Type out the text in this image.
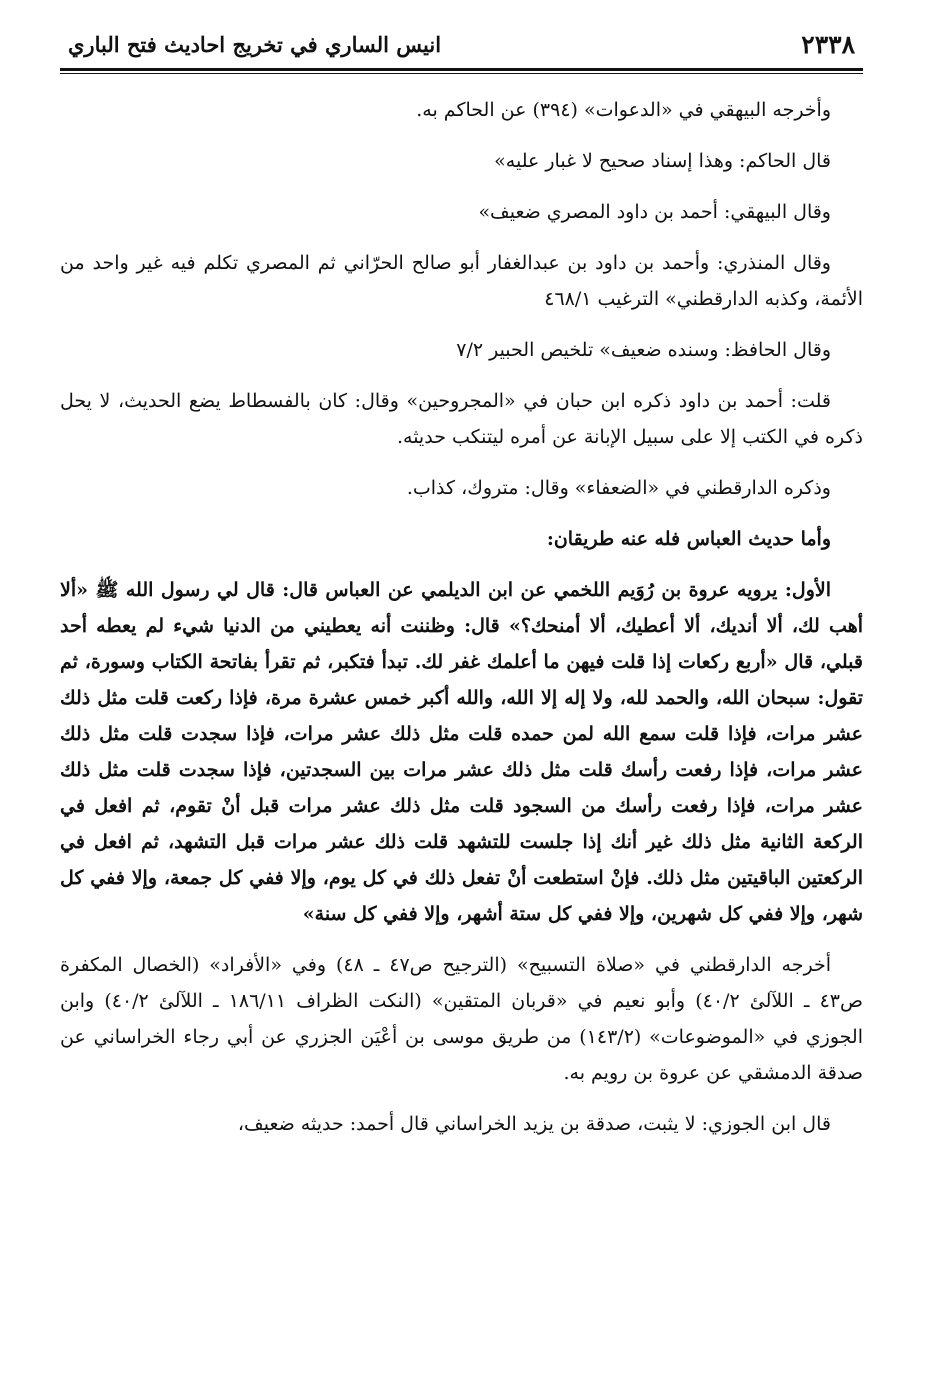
٢٣٣٨
انيس الساري في تخريج احاديث فتح الباري

وأخرجه البيهقي في «الدعوات» (٣٩٤) عن الحاكم به.

قال الحاكم: وهذا إسناد صحيح لا غبار عليه»

وقال البيهقي: أحمد بن داود المصري ضعيف»

وقال المنذري: وأحمد بن داود بن عبدالغفار أبو صالح الحرّاني ثم المصري تكلم فيه غير واحد من الأئمة، وكذبه الدارقطني» الترغيب ٤٦٨/١

وقال الحافظ: وسنده ضعيف» تلخيص الحبير ٧/٢

قلت: أحمد بن داود ذكره ابن حبان في «المجروحين» وقال: كان بالفسطاط يضع الحديث، لا يحل ذكره في الكتب إلا على سبيل الإبانة عن أمره ليتنكب حديثه.

وذكره الدارقطني في «الضعفاء» وقال: متروك، كذاب.

وأما حديث العباس فله عنه طريقان:

الأول: يرويه عروة بن رُوَيم اللخمي عن ابن الديلمي عن العباس قال: قال لي رسول الله ﷺ «ألا أهب لك، ألا أنديك، ألا أعطيك، ألا أمنحك؟» قال: وظننت أنه يعطيني من الدنيا شيء لم يعطه أحد قبلي، قال «أربع ركعات إذا قلت فيهن ما أعلمك غفر لك. تبدأ فتكبر، ثم تقرأ بفاتحة الكتاب وسورة، ثم تقول: سبحان الله، والحمد لله، ولا إله إلا الله، والله أكبر خمس عشرة مرة، فإذا ركعت قلت مثل ذلك عشر مرات، فإذا قلت سمع الله لمن حمده قلت مثل ذلك عشر مرات، فإذا سجدت قلت مثل ذلك عشر مرات، فإذا رفعت رأسك قلت مثل ذلك عشر مرات بين السجدتين، فإذا سجدت قلت مثل ذلك عشر مرات، فإذا رفعت رأسك من السجود قلت مثل ذلك عشر مرات قبل أنْ تقوم، ثم افعل في الركعة الثانية مثل ذلك غير أنك إذا جلست للتشهد قلت ذلك عشر مرات قبل التشهد، ثم افعل في الركعتين الباقيتين مثل ذلك. فإنْ استطعت أنْ تفعل ذلك في كل يوم، وإلا ففي كل جمعة، وإلا ففي كل شهر، وإلا ففي كل شهرين، وإلا ففي كل ستة أشهر، وإلا ففي كل سنة»

أخرجه الدارقطني في «صلاة التسبيح» (الترجيح ص٤٧ ـ ٤٨) وفي «الأفراد» (الخصال المكفرة ص٤٣ ـ اللآلئ ٤٠/٢) وأبو نعيم في «قربان المتقين» (النكت الظراف ١٨٦/١١ ـ اللآلئ ٤٠/٢) وابن الجوزي في «الموضوعات» (١٤٣/٢) من طريق موسى بن أعْيَن الجزري عن أبي رجاء الخراساني عن صدقة الدمشقي عن عروة بن رويم به.

قال ابن الجوزي: لا يثبت، صدقة بن يزيد الخراساني قال أحمد: حديثه ضعيف،
